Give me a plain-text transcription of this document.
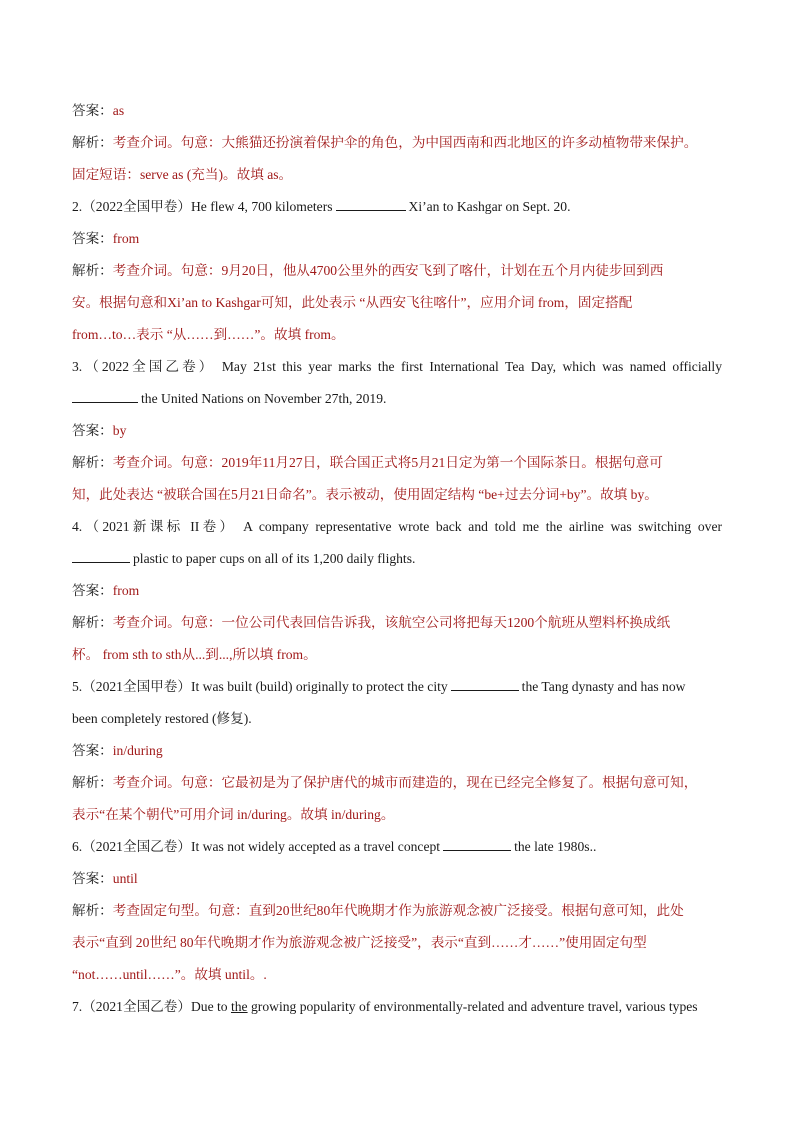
答案：as
解析：考查介词。句意：大熊猫还扮演着保护伞的角色，为中国西南和西北地区的许多动植物带来保护。
固定短语：serve as (充当)。故填 as。
2.（2022全国甲卷）He flew 4, 700 kilometers	Xi’an to Kashgar on Sept. 20.
答案：from
解析：考查介词。句意：9月20日，他从4700公里外的西安飞到了喀什，计划在五个月内徒步回到西
安。根据句意和Xi’an to Kashgar可知，此处表示 “从西安飞往喀什”，应用介词 from，固定搭配
from…to…表示 “从……到……”。故填 from。
3.（2022全国乙卷） May 21st this year marks the first International Tea Day, which was named officially
the United Nations on November 27th, 2019.
答案：by
解析：考查介词。句意：2019年11月27日，联合国正式将5月21日定为第一个国际茶日。根据句意可
知，此处表达 “被联合国在5月21日命名”。表示被动，使用固定结构 “be+过去分词+by”。故填 by。
4.（2021新课标 II卷） A company representative wrote back and told me the airline was switching over
plastic to paper cups on all of its 1,200 daily flights.
答案：from
解析：考查介词。句意：一位公司代表回信告诉我，该航空公司将把每天1200个航班从塑料杯换成纸
杯。 from sth to sth从...到...,所以填 from。
5.（2021全国甲卷）It was built (build) originally to protect the city	the Tang dynasty and has now
been completely restored (修复).
答案：in/during
解析：考查介词。句意：它最初是为了保护唐代的城市而建造的，现在已经完全修复了。根据句意可知，
表示“在某个朝代”可用介词 in/during。故填 in/during。
6.（2021全国乙卷）It was not widely accepted as a travel concept	the late 1980s..
答案：until
解析：考查固定句型。句意：直到20世纪80年代晚期才作为旅游观念被广泛接受。根据句意可知，此处
表示“直到 20世纪 80年代晚期才作为旅游观念被广泛接受”，表示“直到……才……”使用固定句型
“not……until……”。故填 until。.
7.（2021全国乙卷）Due to the growing popularity of environmentally-related and adventure travel, various types
